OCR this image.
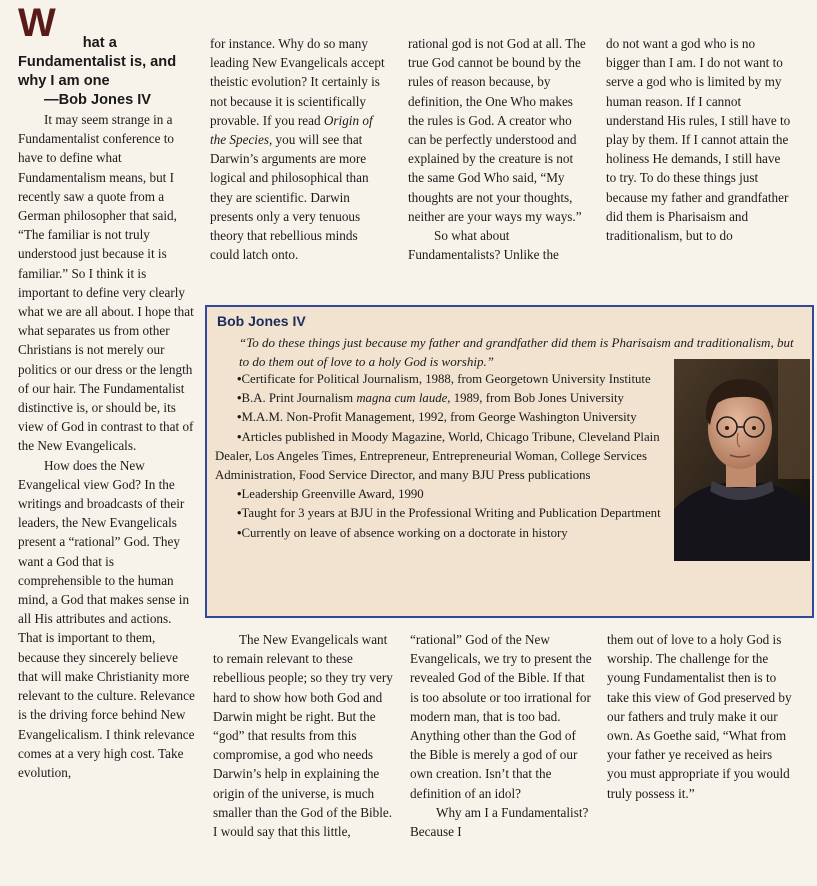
W	hat a Fundamentalist is, and why I am one

—Bob Jones IV

It may seem strange in a Fundamentalist conference to have to define what Fundamentalism means, but I recently saw a quote from a German philosopher that said, “The familiar is not truly understood just because it is familiar.” So I think it is important to define very clearly what we are all about. I hope that what separates us from other Christians is not merely our politics or our dress or the length of our hair. The Fundamentalist distinctive is, or should be, its view of God in contrast to that of the New Evangelicals.

How does the New Evangelical view God? In the writings and broadcasts of their leaders, the New Evangelicals present a “rational” God. They want a God that is comprehensible to the human mind, a God that makes sense in all His attributes and actions. That is important to them, because they sincerely believe that will make Christianity more relevant to the culture. Relevance is the driving force behind New Evangelicalism. I think relevance comes at a very high cost. Take evolution,

for instance. Why do so many leading New Evangelicals accept theistic evolution? It certainly is not because it is scientifically provable. If you read Origin of the Species, you will see that Darwin’s arguments are more logical and philosophical than they are scientific. Darwin presents only a very tenuous theory that rebellious minds could latch onto.

rational god is not God at all. The true God cannot be bound by the rules of reason because, by definition, the One Who makes the rules is God. A creator who can be perfectly understood and explained by the creature is not the same God Who said, “My thoughts are not your thoughts, neither are your ways my ways.”

So what about Fundamentalists? Unlike the

do not want a god who is no bigger than I am. I do not want to serve a god who is limited by my human reason. If I cannot understand His rules, I still have to play by them. If I cannot attain the holiness He demands, I still have to try. To do these things just because my father and grandfather did them is Pharisaism and traditionalism, but to do

Bob Jones IV

“To do these things just because my father and grandfather did them is Pharisaism and traditionalism, but to do them out of love to a holy God is worship.”

•Certificate for Political Journalism, 1988, from Georgetown University Institute
•B.A. Print Journalism magna cum laude, 1989, from Bob Jones University
•M.A.M. Non-Profit Management, 1992, from George Washington University
•Articles published in Moody Magazine, World, Chicago Tribune, Cleveland Plain Dealer, Los Angeles Times, Entrepreneur, Entrepreneurial Woman, College Services Administration, Food Service Director, and many BJU Press publications
•Leadership Greenville Award, 1990
•Taught for 3 years at BJU in the Professional Writing and Publication Department
•Currently on leave of absence working on a doctorate in history

The New Evangelicals want to remain relevant to these rebellious people; so they try very hard to show how both God and Darwin might be right. But the “god” that results from this compromise, a god who needs Darwin’s help in explaining the origin of the universe, is much smaller than the God of the Bible. I would say that this little,

“rational” God of the New Evangelicals, we try to present the revealed God of the Bible. If that is too absolute or too irrational for modern man, that is too bad. Anything other than the God of the Bible is merely a god of our own creation. Isn’t that the definition of an idol?

Why am I a Fundamentalist? Because I

them out of love to a holy God is worship. The challenge for the young Fundamentalist then is to take this view of God preserved by our fathers and truly make it our own. As Goethe said, “What from your father ye received as heirs you must appropriate if you would truly possess it.”
